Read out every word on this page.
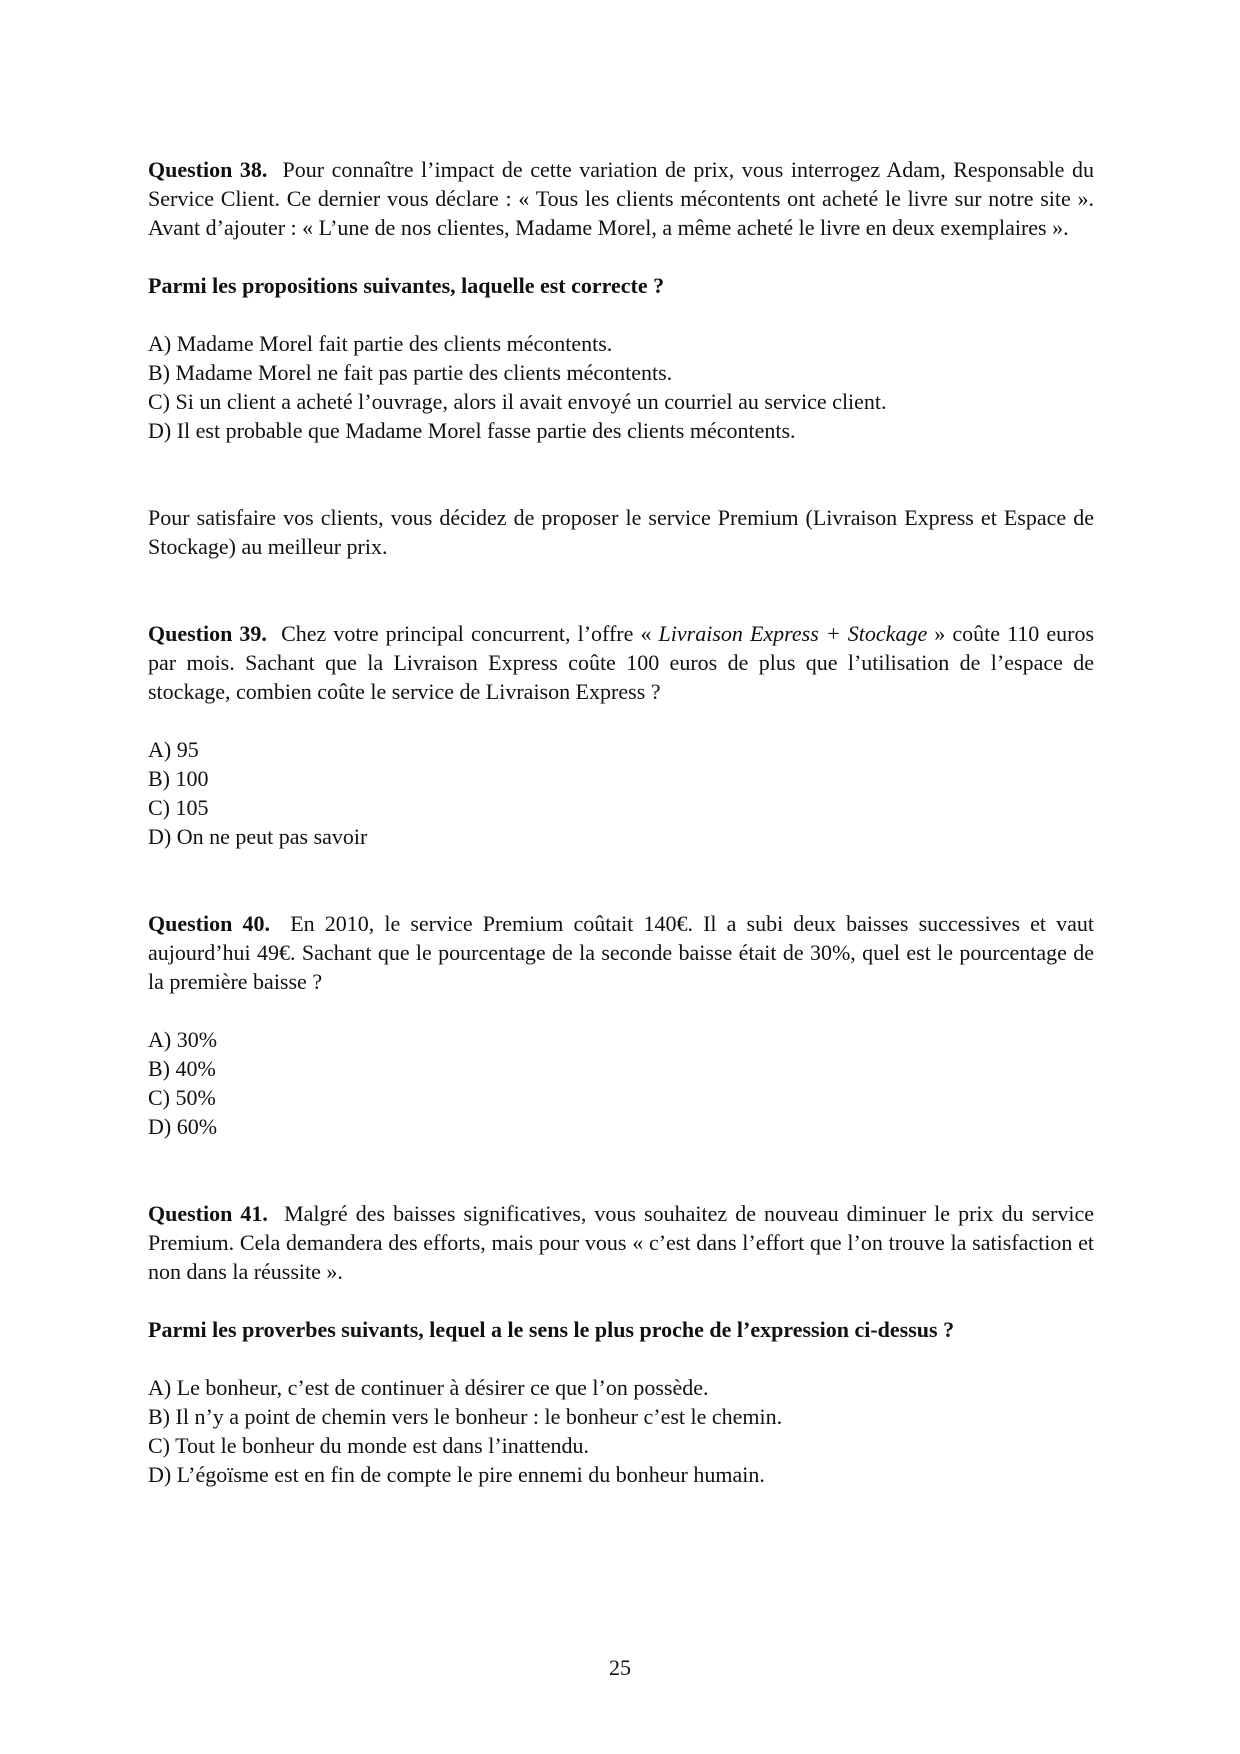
Question 38. Pour connaître l’impact de cette variation de prix, vous interrogez Adam, Responsable du Service Client. Ce dernier vous déclare : « Tous les clients mécontents ont acheté le livre sur notre site ». Avant d’ajouter : « L’une de nos clientes, Madame Morel, a même acheté le livre en deux exemplaires ».

Parmi les propositions suivantes, laquelle est correcte ?

A) Madame Morel fait partie des clients mécontents.
B) Madame Morel ne fait pas partie des clients mécontents.
C) Si un client a acheté l’ouvrage, alors il avait envoyé un courriel au service client.
D) Il est probable que Madame Morel fasse partie des clients mécontents.

Pour satisfaire vos clients, vous décidez de proposer le service Premium (Livraison Express et Espace de Stockage) au meilleur prix.

Question 39. Chez votre principal concurrent, l’offre « Livraison Express + Stockage » coûte 110 euros par mois. Sachant que la Livraison Express coûte 100 euros de plus que l’utilisation de l’espace de stockage, combien coûte le service de Livraison Express ?

A) 95
B) 100
C) 105
D) On ne peut pas savoir

Question 40. En 2010, le service Premium coûtait 140€. Il a subi deux baisses successives et vaut aujourd’hui 49€. Sachant que le pourcentage de la seconde baisse était de 30%, quel est le pourcentage de la première baisse ?

A) 30%
B) 40%
C) 50%
D) 60%

Question 41. Malgré des baisses significatives, vous souhaitez de nouveau diminuer le prix du service Premium. Cela demandera des efforts, mais pour vous « c’est dans l’effort que l’on trouve la satisfaction et non dans la réussite ».

Parmi les proverbes suivants, lequel a le sens le plus proche de l’expression ci-dessus ?

A) Le bonheur, c’est de continuer à désirer ce que l’on possède.
B) Il n’y a point de chemin vers le bonheur : le bonheur c’est le chemin.
C) Tout le bonheur du monde est dans l’inattendu.
D) L’égoïsme est en fin de compte le pire ennemi du bonheur humain.
25
